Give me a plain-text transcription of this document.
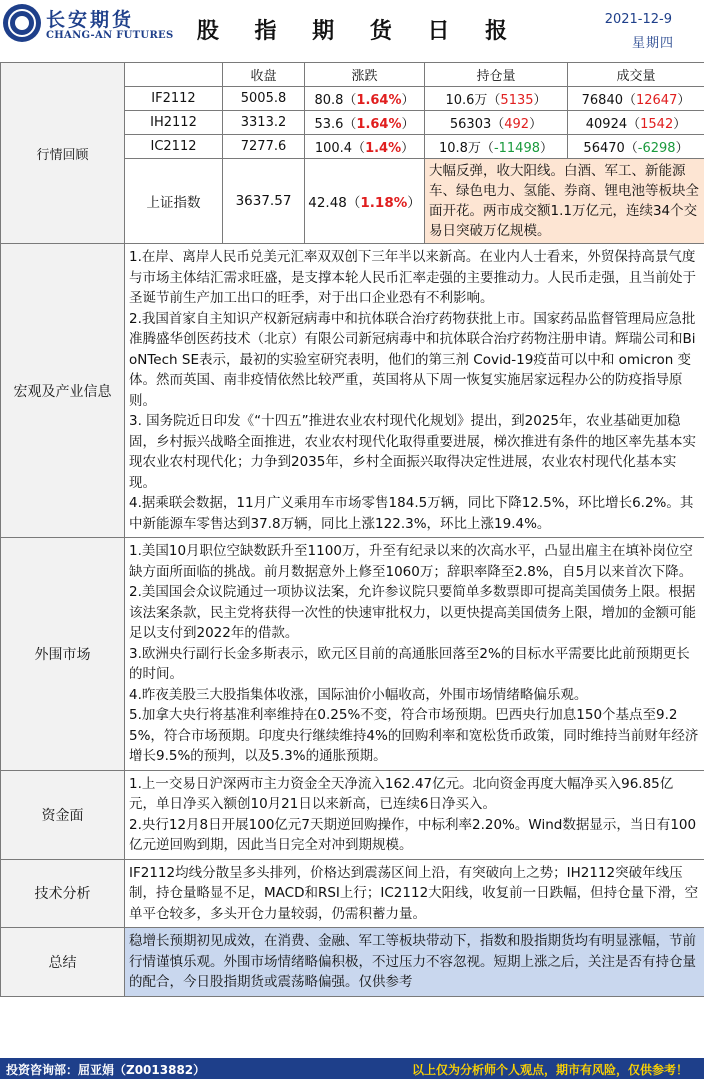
长安期货
CHANG-AN FUTURES	股 指 期 货 日 报	2021-12-9
星期四
行情回顾		收盘	涨跌	持仓量	成交量
	IF2112	5005.8	80.8（1.64%）	10.6万（5135）	76840（12647）
	IH2112	3313.2	53.6（1.64%）	56303（492）	40924（1542）
	IC2112	7277.6	100.4（1.4%）	10.8万（-11498）	56470（-6298）
	上证指数	3637.57	42.48（1.18%）	大幅反弹，收大阳线。白酒、军工、新能源车、绿色电力、氢能、券商、锂电池等板块全面开花。两市成交额1.1万亿元，连续34个交易日突破万亿规模。	
宏观及产业信息	1.在岸、离岸人民币兑美元汇率双双创下三年半以来新高。在业内人士看来，外贸保持高景气度与市场主体结汇需求旺盛，是支撑本轮人民币汇率走强的主要推动力。人民币走强，且当前处于圣诞节前生产加工出口的旺季，对于出口企业恐有不利影响。

2.我国首家自主知识产权新冠病毒中和抗体联合治疗药物获批上市。国家药品监督管理局应急批准腾盛华创医药技术（北京）有限公司新冠病毒中和抗体联合治疗药物注册申请。辉瑞公司和BioNTech SE表示，最初的实验室研究表明，他们的第三剂 Covid-19疫苗可以中和 omicron 变体。然而英国、南非疫情依然比较严重，英国将从下周一恢复实施居家远程办公的防疫指导原则。

3. 国务院近日印发《“十四五”推进农业农村现代化规划》提出，到2025年，农业基础更加稳固，乡村振兴战略全面推进，农业农村现代化取得重要进展，梯次推进有条件的地区率先基本实现农业农村现代化；力争到2035年，乡村全面振兴取得决定性进展，农业农村现代化基本实现。

4.据乘联会数据，11月广义乘用车市场零售184.5万辆，同比下降12.5%，环比增长6.2%。其中新能源车零售达到37.8万辆，同比上涨122.3%，环比上涨19.4%。				

外围市场	1.美国10月职位空缺数跃升至1100万，升至有纪录以来的次高水平，凸显出雇主在填补岗位空缺方面所面临的挑战。前月数据意外上修至1060万；辞职率降至2.8%，自5月以来首次下降。

2.美国国会众议院通过一项协议法案，允许参议院只要简单多数票即可提高美国债务上限。根据该法案条款，民主党将获得一次性的快速审批权力，以更快提高美国债务上限，增加的金额可能足以支付到2022年的借款。

3.欧洲央行副行长金多斯表示，欧元区目前的高通胀回落至2%的目标水平需要比此前预期更长的时间。

4.昨夜美股三大股指集体收涨，国际油价小幅收高，外围市场情绪略偏乐观。

5.加拿大央行将基准利率维持在0.25%不变，符合市场预期。巴西央行加息150个基点至9.25%，符合市场预期。印度央行继续维持4%的回购利率和宽松货币政策，同时维持当前财年经济增长9.5%的预判，以及5.3%的通胀预期。				

资金面	1.上一交易日沪深两市主力资金全天净流入162.47亿元。北向资金再度大幅净买入96.85亿元，单日净买入额创10月21日以来新高，已连续6日净买入。

2.央行12月8日开展100亿元7天期逆回购操作，中标利率2.20%。Wind数据显示，当日有100亿元逆回购到期，因此当日完全对冲到期规模。				

技术分析	IF2112均线分散呈多头排列，价格达到震荡区间上沿，有突破向上之势；IH2112突破年线压制，持仓量略显不足，MACD和RSI上行；IC2112大阳线，收复前一日跌幅，但持仓量下滑，空单平仓较多，多头开仓力量较弱，仍需积蓄力量。				
总结	稳增长预期初见成效，在消费、金融、军工等板块带动下，指数和股指期货均有明显涨幅，节前行情谨慎乐观。外围市场情绪略偏积极，不过压力不容忽视。短期上涨之后，关注是否有持仓量的配合，今日股指期货或震荡略偏强。仅供参考				
投资咨询部：屈亚娟（Z0013882）	以上仅为分析师个人观点，期市有风险，仅供参考！
